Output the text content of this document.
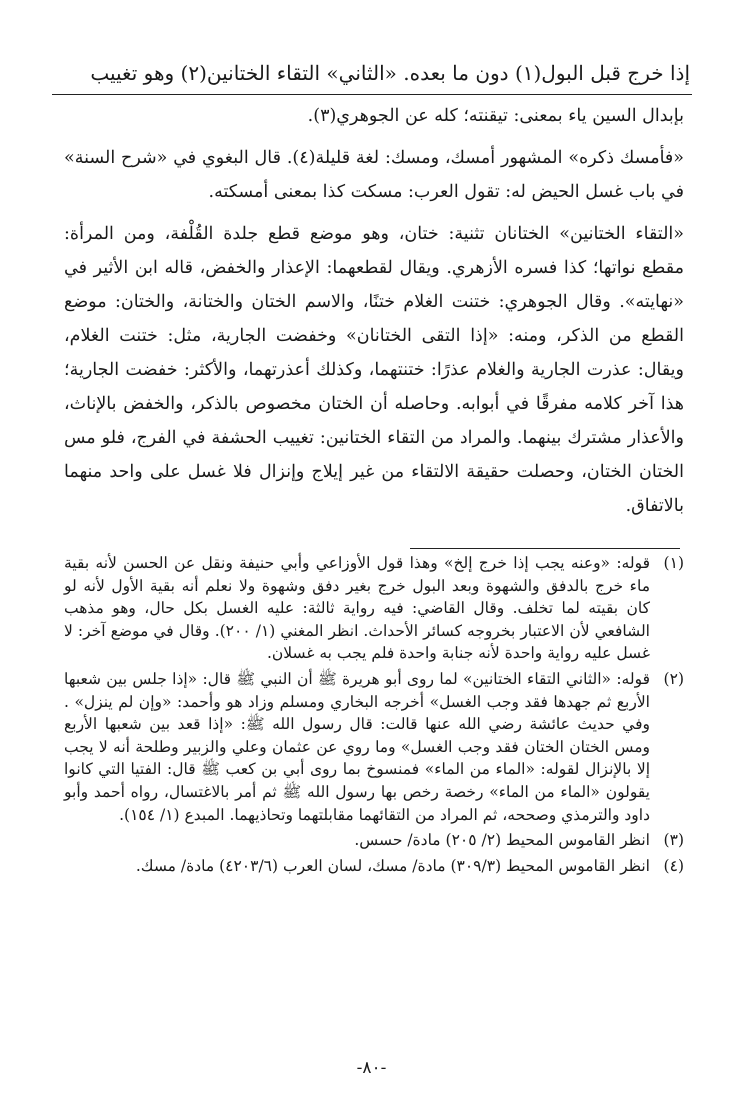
إذا خرج قبل البول(١) دون ما بعده. «الثاني» التقاء الختانين(٢) وهو تغييب

بإبدال السين ياء بمعنى: تيقنته؛ كله عن الجوهري(٣).

«فأمسك ذكره» المشهور أمسك، ومسك: لغة قليلة(٤). قال البغوي في «شرح السنة» في باب غسل الحيض له: تقول العرب: مسكت كذا بمعنى أمسكته.

«التقاء الختانين» الختانان تثنية: ختان، وهو موضع قطع جلدة القُلْفة، ومن المرأة: مقطع نواتها؛ كذا فسره الأزهري. ويقال لقطعهما: الإعذار والخفض، قاله ابن الأثير في «نهايته». وقال الجوهري: ختنت الغلام ختنًا، والاسم الختان والختانة، والختان: موضع القطع من الذكر، ومنه: «إذا التقى الختانان» وخفضت الجارية، مثل: ختنت الغلام، ويقال: عذرت الجارية والغلام عذرًا: ختنتهما، وكذلك أعذرتهما، والأكثر: خفضت الجارية؛ هذا آخر كلامه مفرقًا في أبوابه. وحاصله أن الختان مخصوص بالذكر، والخفض بالإناث، والأعذار مشترك بينهما. والمراد من التقاء الختانين: تغييب الحشفة في الفرج، فلو مس الختان الختان، وحصلت حقيقة الالتقاء من غير إيلاج وإنزال فلا غسل على واحد منهما بالاتفاق.

(١)
قوله: «وعنه يجب إذا خرج إلخ» وهذا قول الأوزاعي وأبي حنيفة ونقل عن الحسن لأنه بقية ماء خرج بالدفق والشهوة وبعد البول خرج بغير دفق وشهوة ولا نعلم أنه بقية الأول لأنه لو كان بقيته لما تخلف. وقال القاضي: فيه رواية ثالثة: عليه الغسل بكل حال، وهو مذهب الشافعي لأن الاعتبار بخروجه كسائر الأحداث. انظر المغني (١/ ٢٠٠). وقال في موضع آخر: لا غسل عليه رواية واحدة لأنه جنابة واحدة فلم يجب به غسلان.
(٢)
قوله: «الثاني التقاء الختانين» لما روى أبو هريرة ﷺ أن النبي ﷺ قال: «إذا جلس بين شعبها الأربع ثم جهدها فقد وجب الغسل» أخرجه البخاري ومسلم وزاد هو وأحمد: «وإن لم ينزل» . وفي حديث عائشة رضي الله عنها قالت: قال رسول الله ﷺ: «إذا قعد بين شعبها الأربع ومس الختان الختان فقد وجب الغسل» وما روي عن عثمان وعلي والزبير وطلحة أنه لا يجب إلا بالإنزال لقوله: «الماء من الماء» فمنسوخ بما روى أبي بن كعب ﷺ قال: الفتيا التي كانوا يقولون «الماء من الماء» رخصة رخص بها رسول الله ﷺ ثم أمر بالاغتسال، رواه أحمد وأبو داود والترمذي وصححه، ثم المراد من التقائهما مقابلتهما وتحاذيهما. المبدع (١/ ١٥٤).
(٣)
انظر القاموس المحيط (٢/ ٢٠٥) مادة/ حسس.
(٤)
انظر القاموس المحيط (٣٠٩/٣) مادة/ مسك، لسان العرب (٤٢٠٣/٦) مادة/ مسك.
-٨٠-
